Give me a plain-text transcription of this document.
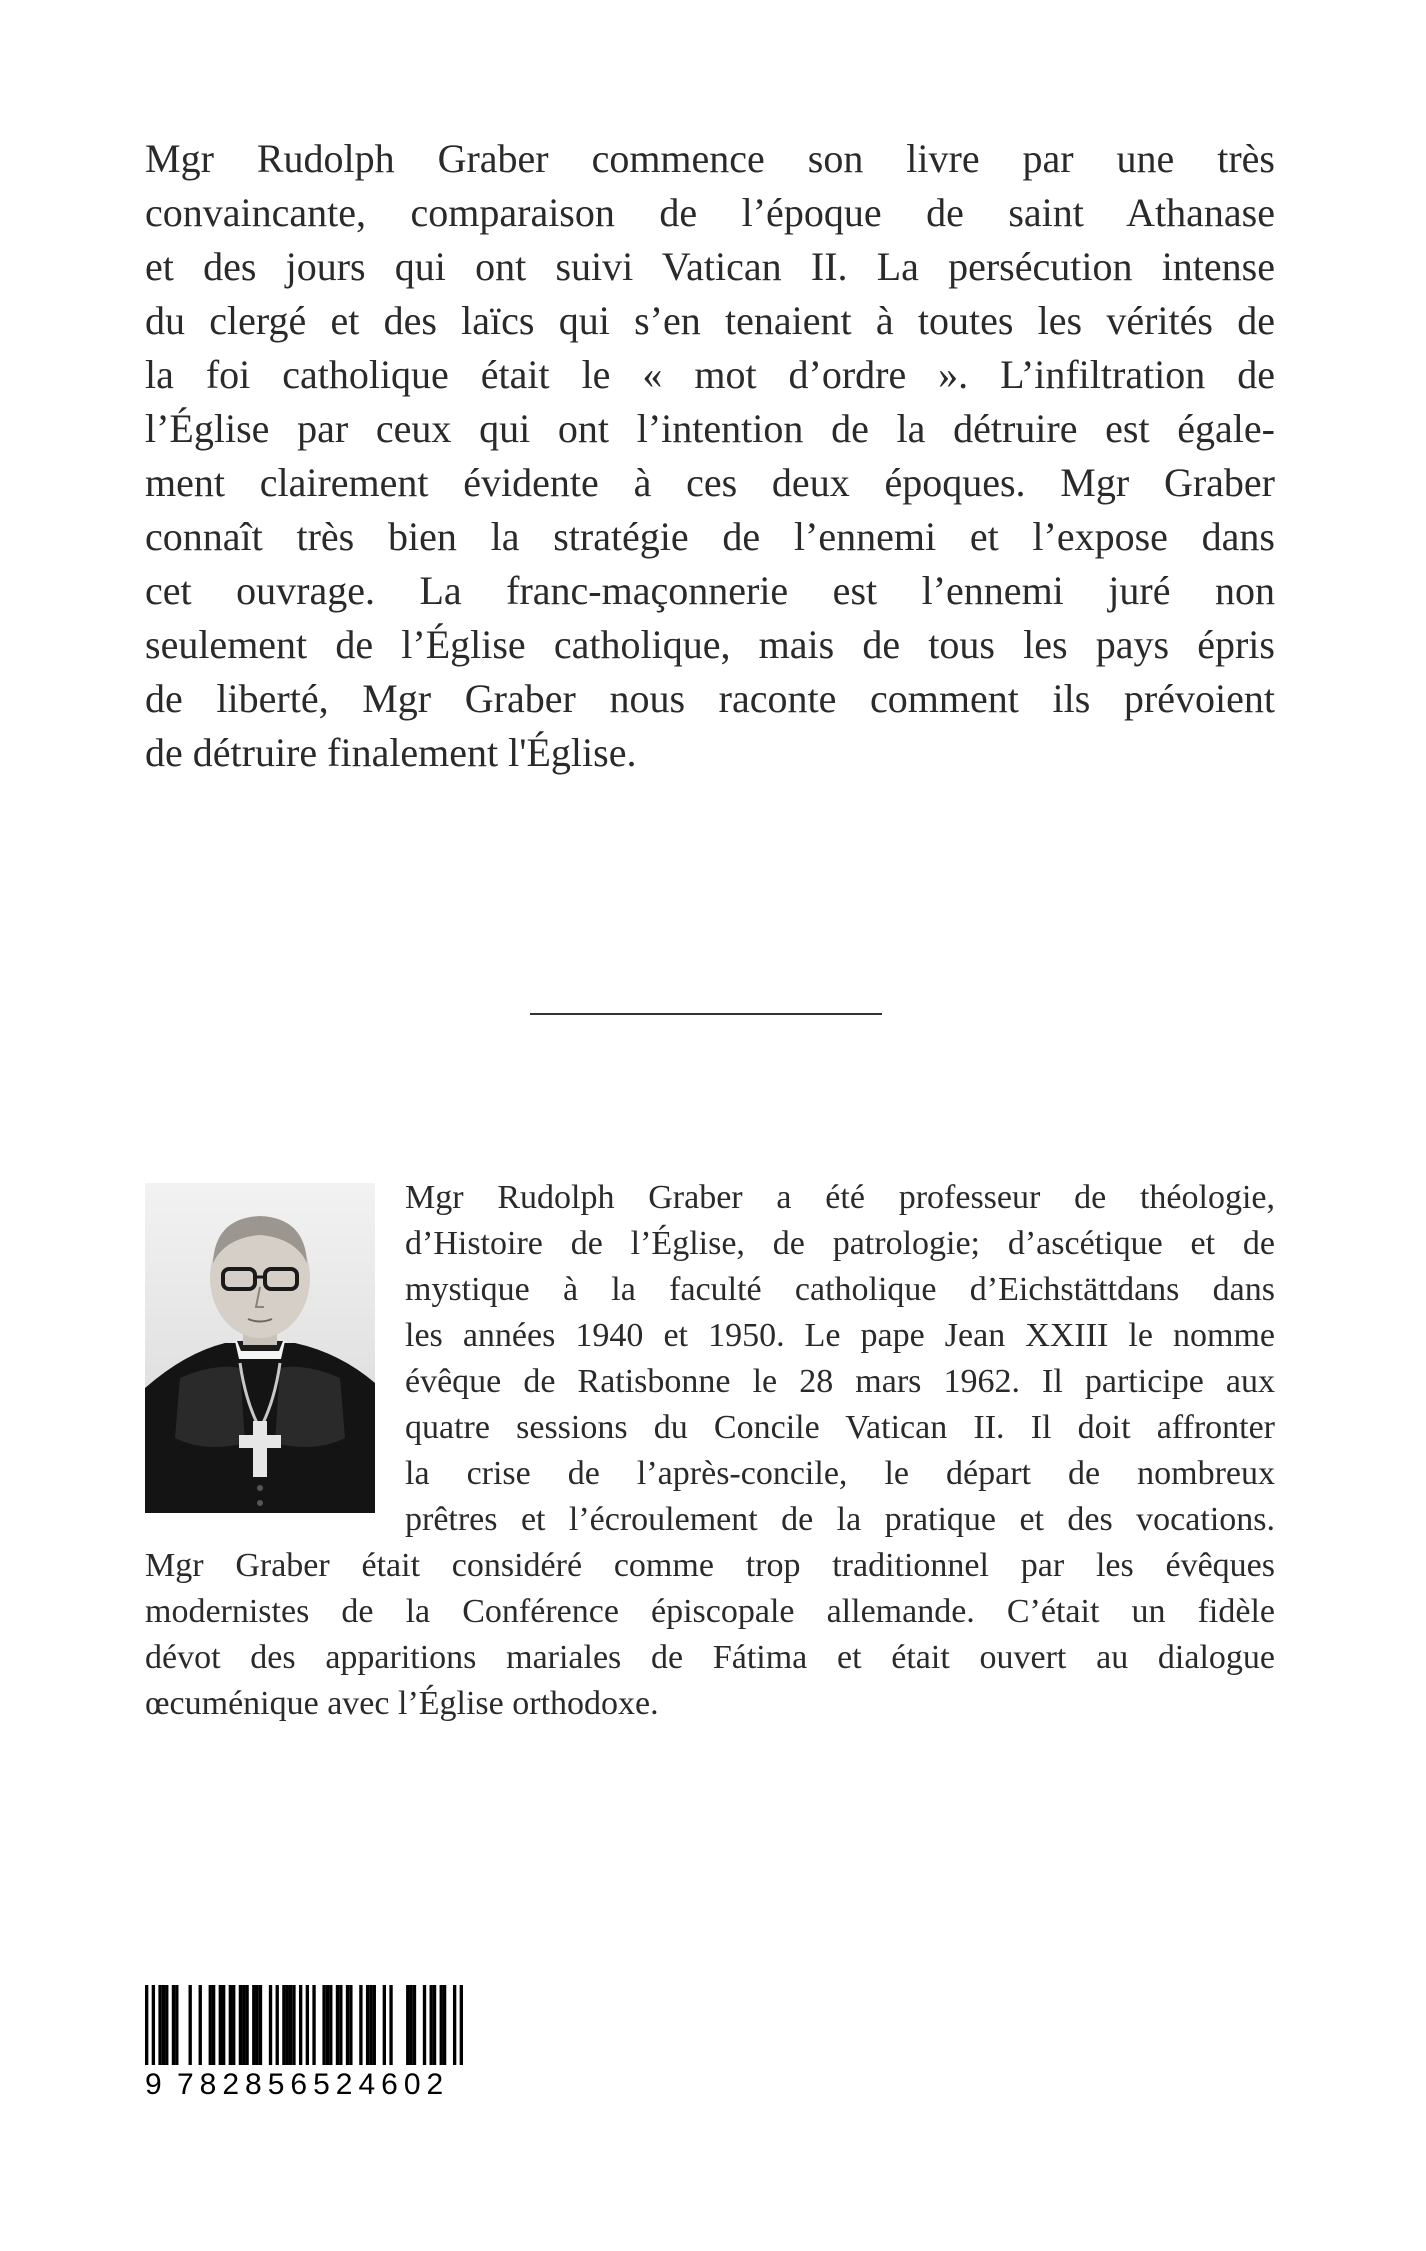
Mgr Rudolph Graber commence son livre par une très
convaincante, comparaison de l’époque de saint Athanase
et des jours qui ont suivi Vatican II. La persécution intense
du clergé et des laïcs qui s’en tenaient à toutes les vérités de
la foi catholique était le « mot d’ordre ». L’infiltration de
l’Église par ceux qui ont l’intention de la détruire est égale-
ment clairement évidente à ces deux époques. Mgr Graber
connaît très bien la stratégie de l’ennemi et l’expose dans
cet ouvrage. La franc-maçonnerie est l’ennemi juré non
seulement de l’Église catholique, mais de tous les pays épris
de liberté, Mgr Graber nous raconte comment ils prévoient
de détruire finalement l'Église.
Mgr Rudolph Graber a été professeur de théologie,
d’Histoire de l’Église, de patrologie; d’ascétique et de
mystique à la faculté catholique d’Eichstättdans dans
les années 1940 et 1950. Le pape Jean XXIII le nomme
évêque de Ratisbonne le 28 mars 1962. Il participe aux
quatre sessions du Concile Vatican II. Il doit affronter
la crise de l’après-concile, le départ de nombreux
prêtres et l’écroulement de la pratique et des vocations.
Mgr Graber était considéré comme trop traditionnel par les évêques
modernistes de la Conférence épiscopale allemande. C’était un fidèle
dévot des apparitions mariales de Fátima et était ouvert au dialogue
œcuménique avec l’Église orthodoxe.
9 782856524602
